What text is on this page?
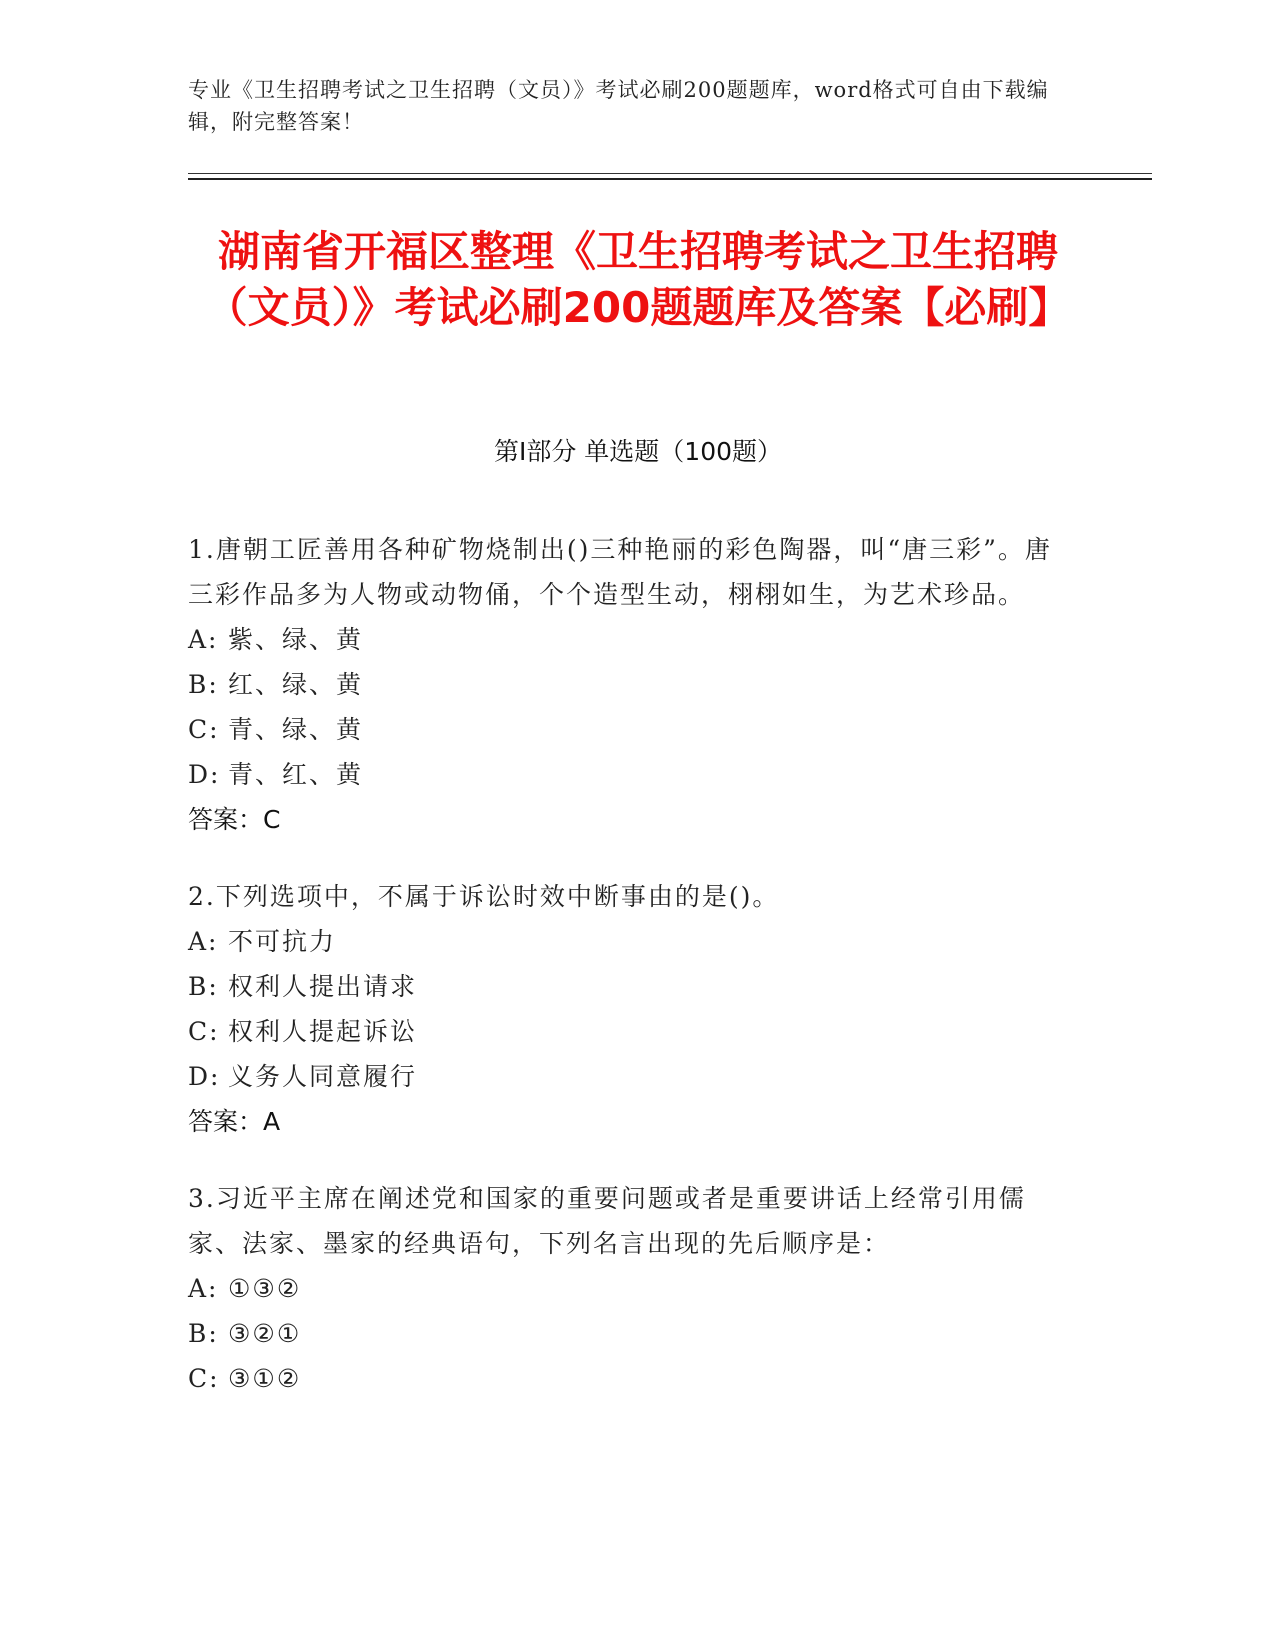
专业《卫生招聘考试之卫生招聘（文员）》考试必刷200题题库，word格式可自由下载编辑，附完整答案！
湖南省开福区整理《卫生招聘考试之卫生招聘（文员）》考试必刷200题题库及答案【必刷】
第Ⅰ部分 单选题（100题）
1.唐朝工匠善用各种矿物烧制出()三种艳丽的彩色陶器，叫“唐三彩”。唐三彩作品多为人物或动物俑，个个造型生动，栩栩如生，为艺术珍品。
A: 紫、绿、黄
B: 红、绿、黄
C: 青、绿、黄
D: 青、红、黄
答案：C
2.下列选项中，不属于诉讼时效中断事由的是()。
A: 不可抗力
B: 权利人提出请求
C: 权利人提起诉讼
D: 义务人同意履行
答案：A
3.习近平主席在阐述党和国家的重要问题或者是重要讲话上经常引用儒家、法家、墨家的经典语句，下列名言出现的先后顺序是：
A: ①③②
B: ③②①
C: ③①②
